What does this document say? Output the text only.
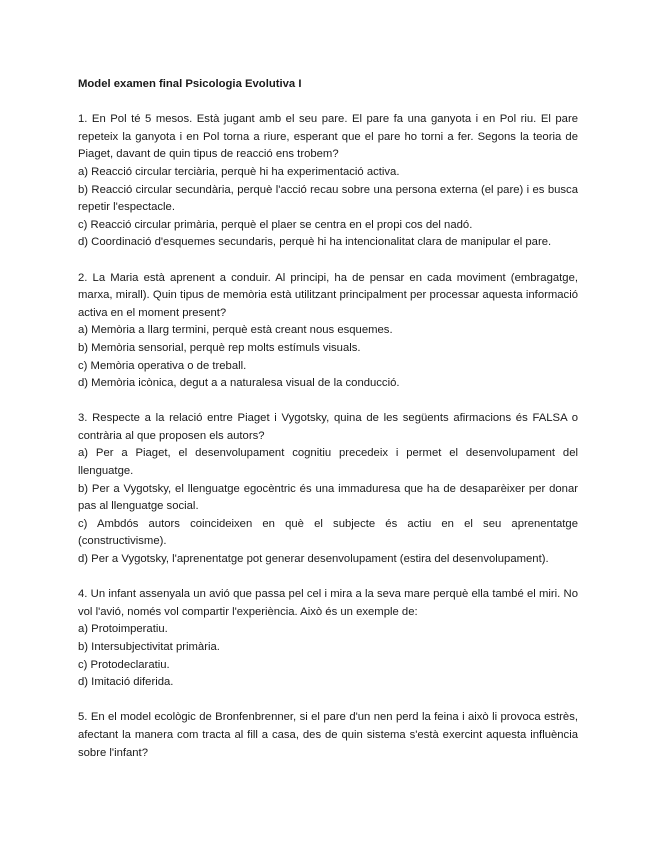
Model examen final Psicologia Evolutiva I

1. En Pol té 5 mesos. Està jugant amb el seu pare. El pare fa una ganyota i en Pol riu. El pare repeteix la ganyota i en Pol torna a riure, esperant que el pare ho torni a fer. Segons la teoria de Piaget, davant de quin tipus de reacció ens trobem?

a) Reacció circular terciària, perquè hi ha experimentació activa.

b) Reacció circular secundària, perquè l'acció recau sobre una persona externa (el pare) i es busca repetir l'espectacle.

c) Reacció circular primària, perquè el plaer se centra en el propi cos del nadó.

d) Coordinació d'esquemes secundaris, perquè hi ha intencionalitat clara de manipular el pare.

2. La Maria està aprenent a conduir. Al principi, ha de pensar en cada moviment (embragatge, marxa, mirall). Quin tipus de memòria està utilitzant principalment per processar aquesta informació activa en el moment present?

a) Memòria a llarg termini, perquè està creant nous esquemes.

b) Memòria sensorial, perquè rep molts estímuls visuals.

c) Memòria operativa o de treball.

d) Memòria icònica, degut a a naturalesa visual de la conducció.

3. Respecte a la relació entre Piaget i Vygotsky, quina de les següents afirmacions és FALSA o contrària al que proposen els autors?

a) Per a Piaget, el desenvolupament cognitiu precedeix i permet el desenvolupament del llenguatge.

b) Per a Vygotsky, el llenguatge egocèntric és una immaduresa que ha de desaparèixer per donar pas al llenguatge social.

c) Ambdós autors coincideixen en què el subjecte és actiu en el seu aprenentatge (constructivisme).

d) Per a Vygotsky, l'aprenentatge pot generar desenvolupament (estira del desenvolupament).

4. Un infant assenyala un avió que passa pel cel i mira a la seva mare perquè ella també el miri. No vol l'avió, només vol compartir l'experiència. Això és un exemple de:

a) Protoimperatiu.

b) Intersubjectivitat primària.

c) Protodeclaratiu.

d) Imitació diferida.

5. En el model ecològic de Bronfenbrenner, si el pare d'un nen perd la feina i això li provoca estrès, afectant la manera com tracta al fill a casa, des de quin sistema s'està exercint aquesta influència sobre l'infant?
